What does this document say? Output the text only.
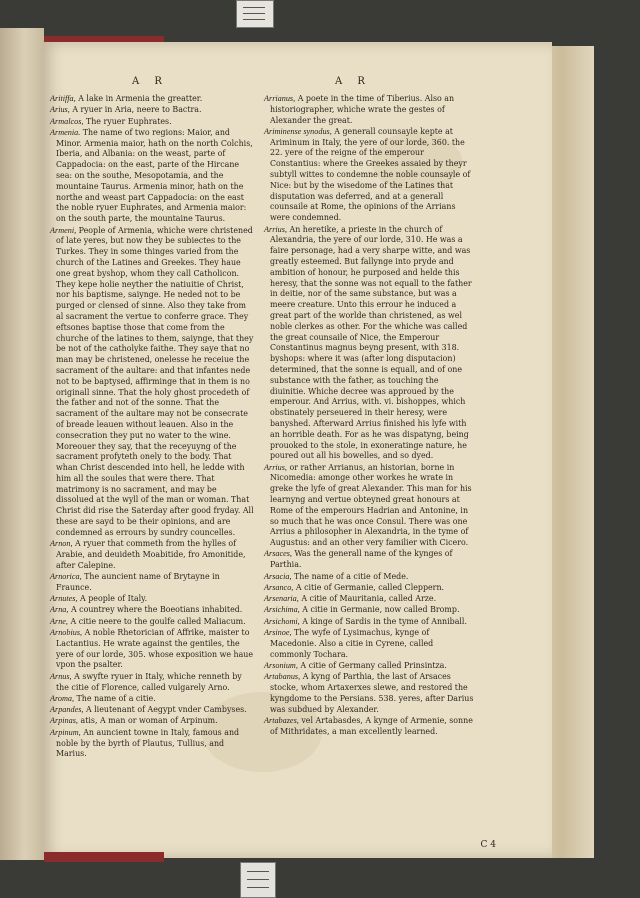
A R	A R
Aritiffa, A lake in Armenia the greatter.
Arius, A ryuer in Aria, neere to Bactra.
Armalcos, The ryuer Euphrates.
Armenia. The name of two regions: Maior, and Minor. Armenia maior, hath on the north Colchis, Iberia, and Albania: on the weast, parte of Cappadocia: on the east, parte of the Hircane sea: on the southe, Mesopotamia, and the mountaine Taurus. Armenia minor, hath on the northe and weast part Cappadocia: on the east the noble ryuer Euphrates, and Armenia maior: on the south parte, the mountaine Taurus.
Armeni, People of Armenia, whiche were christened of late yeres, but now they be subiectes to the Turkes. They in some thinges varied from the church of the Latines and Greekes. They haue one great byshop, whom they call Catholicon. They kepe holie neyther the natiuitie of Christ, nor his baptisme, saiynge. He neded not to be purged or clensed of sinne. Also they take from al sacrament the vertue to conferre grace. They eftsones baptise those that come from the churche of the latines to them, saiynge, that they be not of the catholyke faithe. They saye that no man may be christened, onelesse he receiue the sacrament of the aultare: and that infantes nede not to be baptysed, affirminge that in them is no originall sinne. That the holy ghost procedeth of the father and not of the sonne. That the sacrament of the aultare may not be consecrate of breade leauen without leauen. Also in the consecration they put no water to the wine. Moreouer they say, that the receyuyng of the sacrament profyteth onely to the body. That whan Christ descended into hell, he ledde with him all the soules that were there. That matrimony is no sacrament, and may be dissolued at the wyll of the man or woman. That Christ did rise the Saterday after good fryday. All these are sayd to be their opinions, and are condemned as errours by sundry councelles.
Arnon, A ryuer that commeth from the hylles of Arabie, and deuideth Moabitide, fro Amonitide, after Calepine.
Arnorica, The auncient name of Brytayne in Fraunce.
Arnutes, A people of Italy.
Arna, A countrey where the Boeotians inhabited.
Arne, A citie neere to the goulfe called Maliacum.
Arnobius, A noble Rhetorician of Affrike, maister to Lactantius. He wrate against the gentiles, the yere of our lorde, 305. whose exposition we haue vpon the psalter.
Arnus, A swyfte ryuer in Italy, whiche renneth by the citie of Florence, called vulgarely Arno.
Aroma, The name of a citie.
Arpandes, A lieutenant of Aegypt vnder Cambyses.
Arpinas, atis, A man or woman of Arpinum.
Arpinum, An auncient towne in Italy, famous and noble by the byrth of Plautus, Tullius, and Marius.
Arrianus, A poete in the time of Tiberius. Also an historiographer, whiche wrate the gestes of Alexander the great.
Ariminense synodus, A generall counsayle kepte at Ariminum in Italy, the yere of our lorde, 360. the 22. yere of the reigne of the emperour Constantius: where the Greekes assaied by theyr subtyll wittes to condemne the noble counsayle of Nice: but by the wisedome of the Latines that disputation was deferred, and at a generall counsaile at Rome, the opinions of the Arrians were condemned.
Arrius, An heretike, a prieste in the church of Alexandria, the yere of our lorde, 310. He was a faire personage, had a very sharpe witte, and was greatly esteemed. But fallynge into pryde and ambition of honour, he purposed and helde this heresy, that the sonne was not equall to the father in deitie, nor of the same substance, but was a meere creature. Unto this errour he induced a great part of the worlde than christened, as wel noble clerkes as other. For the whiche was called the great counsaile of Nice, the Emperour Constantinus magnus beyng present, with 318. byshops: where it was (after long disputacion) determined, that the sonne is equall, and of one substance with the father, as touching the diuinitie. Whiche decree was approued by the emperour. And Arrius, with. vi. bishoppes, which obstinately perseuered in their heresy, were banyshed. Afterward Arrius finished his lyfe with an horrible death. For as he was dispatyng, being prouoked to the stole, in exoneratinge nature, he poured out all his bowelles, and so dyed.
Arrius, or rather Arrianus, an historian, borne in Nicomedia: amonge other workes he wrate in greke the lyfe of great Alexander. This man for his learnyng and vertue obteyned great honours at Rome of the emperours Hadrian and Antonine, in so much that he was once Consul. There was one Arrius a philosopher in Alexandria, in the tyme of Augustus: and an other very familier with Cicero.
Arsaces, Was the generall name of the kynges of Parthia.
Arsacia, The name of a citie of Mede.
Arsanco, A citie of Germanie, called Cleppern.
Arsenaria, A citie of Mauritania, called Arze.
Arsichima, A citie in Germanie, now called Bromp.
Arsichomi, A kinge of Sardis in the tyme of Anniball.
Arsinoe, The wyfe of Lysimachus, kynge of Macedonie. Also a citie in Cyrene, called commonly Tochara.
Arsonium, A citie of Germany called Prinsintza.
Artabanus, A kyng of Parthia, the last of Arsaces stocke, whom Artaxerxes slewe, and restored the kyngdome to the Persians. 538. yeres, after Darius was subdued by Alexander.
Artabazes, vel Artabasdes, A kynge of Armenie, sonne of Mithridates, a man excellently learned.
C 4
